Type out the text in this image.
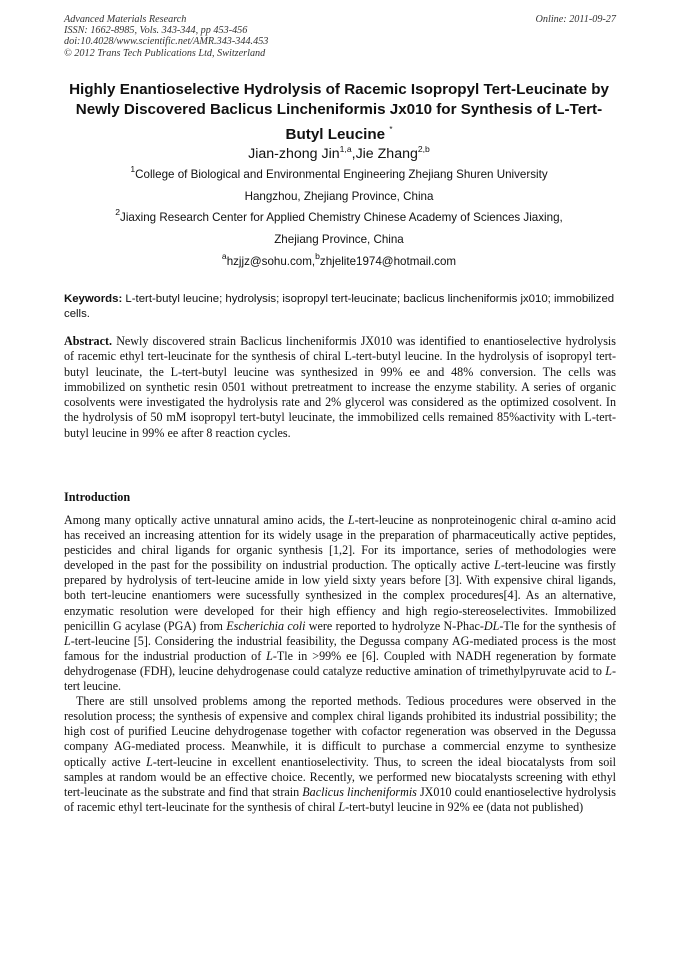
Advanced Materials Research
ISSN: 1662-8985, Vols. 343-344, pp 453-456
doi:10.4028/www.scientific.net/AMR.343-344.453
© 2012 Trans Tech Publications Ltd, Switzerland
Online: 2011-09-27
Highly Enantioselective Hydrolysis of Racemic Isopropyl Tert-Leucinate by Newly Discovered Baclicus Lincheniformis Jx010 for Synthesis of L-Tert-Butyl Leucine *
Jian-zhong Jin$^{1,a}$,Jie Zhang$^{2,b}$
$^1$College of Biological and Environmental Engineering Zhejiang Shuren University
Hangzhou, Zhejiang Province, China
$^2$Jiaxing Research Center for Applied Chemistry Chinese Academy of Sciences Jiaxing,
Zhejiang Province, China
$^a$hzjjz@sohu.com,$^b$zhjelite1974@hotmail.com
Keywords: L-tert-butyl leucine; hydrolysis; isopropyl tert-leucinate; baclicus lincheniformis jx010; immobilized cells.
Abstract. Newly discovered strain Baclicus lincheniformis JX010 was identified to enantioselective hydrolysis of racemic ethyl tert-leucinate for the synthesis of chiral L-tert-butyl leucine. In the hydrolysis of isopropyl tert-butyl leucinate, the L-tert-butyl leucine was synthesized in 99% ee and 48% conversion. The cells was immobilized on synthetic resin 0501 without pretreatment to increase the enzyme stability. A series of organic cosolvents were investigated the hydrolysis rate and 2% glycerol was considered as the optimized cosolvent. In the hydrolysis of 50 mM isopropyl tert-butyl leucinate, the immobilized cells remained 85%activity with L-tert-butyl leucine in 99% ee after 8 reaction cycles.
Introduction

Among many optically active unnatural amino acids, the L-tert-leucine as nonproteinogenic chiral α-amino acid has received an increasing attention for its widely usage in the preparation of pharmaceutically active peptides, pesticides and chiral ligands for organic synthesis [1,2]. For its importance, series of methodologies were developed in the past for the possibility on industrial production. The optically active L-tert-leucine was firstly prepared by hydrolysis of tert-leucine amide in low yield sixty years before [3]. With expensive chiral ligands, both tert-leucine enantiomers were sucessfully synthesized in the complex procedures[4]. As an alternative, enzymatic resolution were developed for their high effiency and high regio-stereoselectivites. Immobilized penicillin G acylase (PGA) from Escherichia coli were reported to hydrolyze N-Phac-DL-Tle for the synthesis of L-tert-leucine [5]. Considering the industrial feasibility, the Degussa company AG-mediated process is the most famous for the industrial production of L-Tle in >99% ee [6]. Coupled with NADH regeneration by formate dehydrogenase (FDH), leucine dehydrogenase could catalyze reductive amination of trimethylpyruvate acid to L-tert leucine.

There are still unsolved problems among the reported methods. Tedious procedures were observed in the resolution process; the synthesis of expensive and complex chiral ligands prohibited its industrial possibility; the high cost of purified Leucine dehydrogenase together with cofactor regeneration was observed in the Degussa company AG-mediated process. Meanwhile, it is difficult to purchase a commercial enzyme to synthesize optically active L-tert-leucine in excellent enantioselectivity. Thus, to screen the ideal biocatalysts from soil samples at random would be an effective choice. Recently, we performed new biocatalysts screening with ethyl tert-leucinate as the substrate and find that strain Baclicus lincheniformis JX010 could enantioselective hydrolysis of racemic ethyl tert-leucinate for the synthesis of chiral L-tert-butyl leucine in 92% ee (data not published)
